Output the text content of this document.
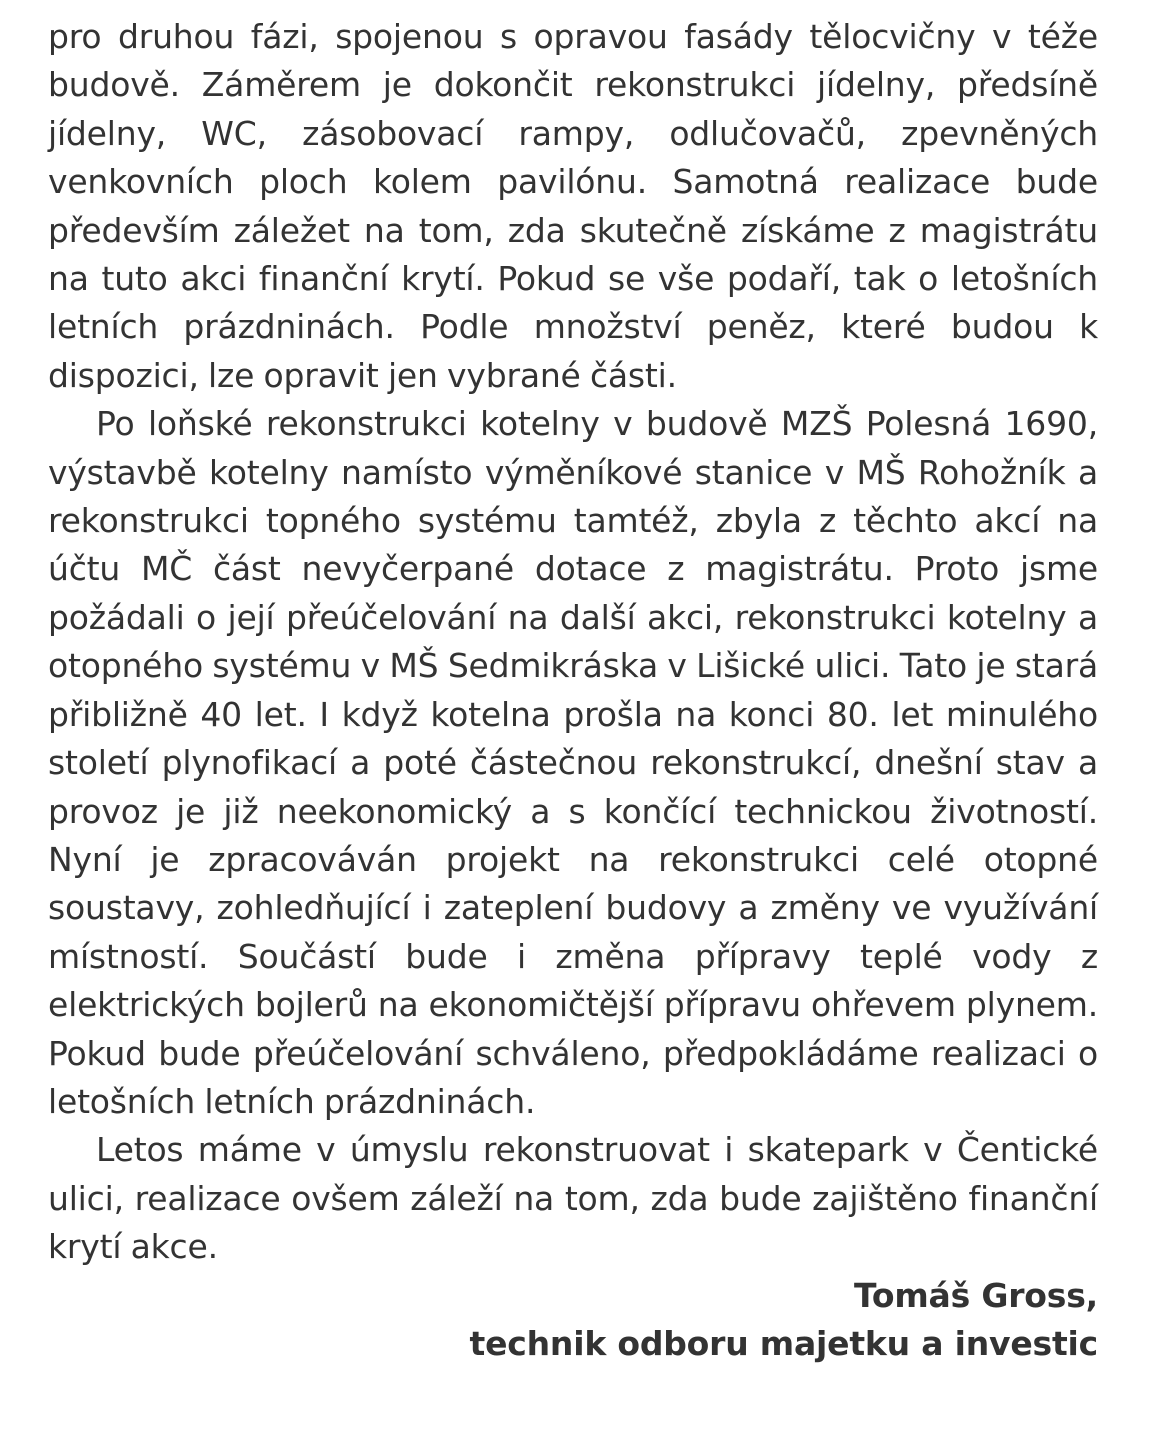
pro druhou fázi, spojenou s opravou fasády tělocvičny v téže budově. Záměrem je dokončit rekonstrukci jídelny, předsíně jídelny, WC, zásobovací rampy, odlučovačů, zpevněných venkovních ploch kolem pavilónu. Samotná realizace bude především záležet na tom, zda skutečně získáme z magistrátu na tuto akci finanční krytí. Pokud se vše podaří, tak o letošních letních prázdninách. Podle množství peněz, které budou k dispozici, lze opravit jen vybrané části.

Po loňské rekonstrukci kotelny v budově MZŠ Polesná 1690, výstavbě kotelny namísto výměníkové stanice v MŠ Rohožník a rekonstrukci topného systému tamtéž, zbyla z těchto akcí na účtu MČ část nevyčerpané dotace z magistrátu. Proto jsme požádali o její přeúčelování na další akci, rekonstrukci kotelny a otopného systému v MŠ Sedmikráska v Lišické ulici. Tato je stará přibližně 40 let. I když kotelna prošla na konci 80. let minulého století plynofikací a poté částečnou rekonstrukcí, dnešní stav a provoz je již neekonomický a s končící technickou životností. Nyní je zpracováván projekt na rekonstrukci celé otopné soustavy, zohledňující i zateplení budovy a změny ve využívání místností. Součástí bude i změna přípravy teplé vody z elektrických bojlerů na ekonomičtější přípravu ohřevem plynem. Pokud bude přeúčelování schváleno, předpokládáme realizaci o letošních letních prázdninách.

Letos máme v úmyslu rekonstruovat i skatepark v Čentické ulici, realizace ovšem záleží na tom, zda bude zajištěno finanční krytí akce.

Tomáš Gross,
technik odboru majetku a investic
